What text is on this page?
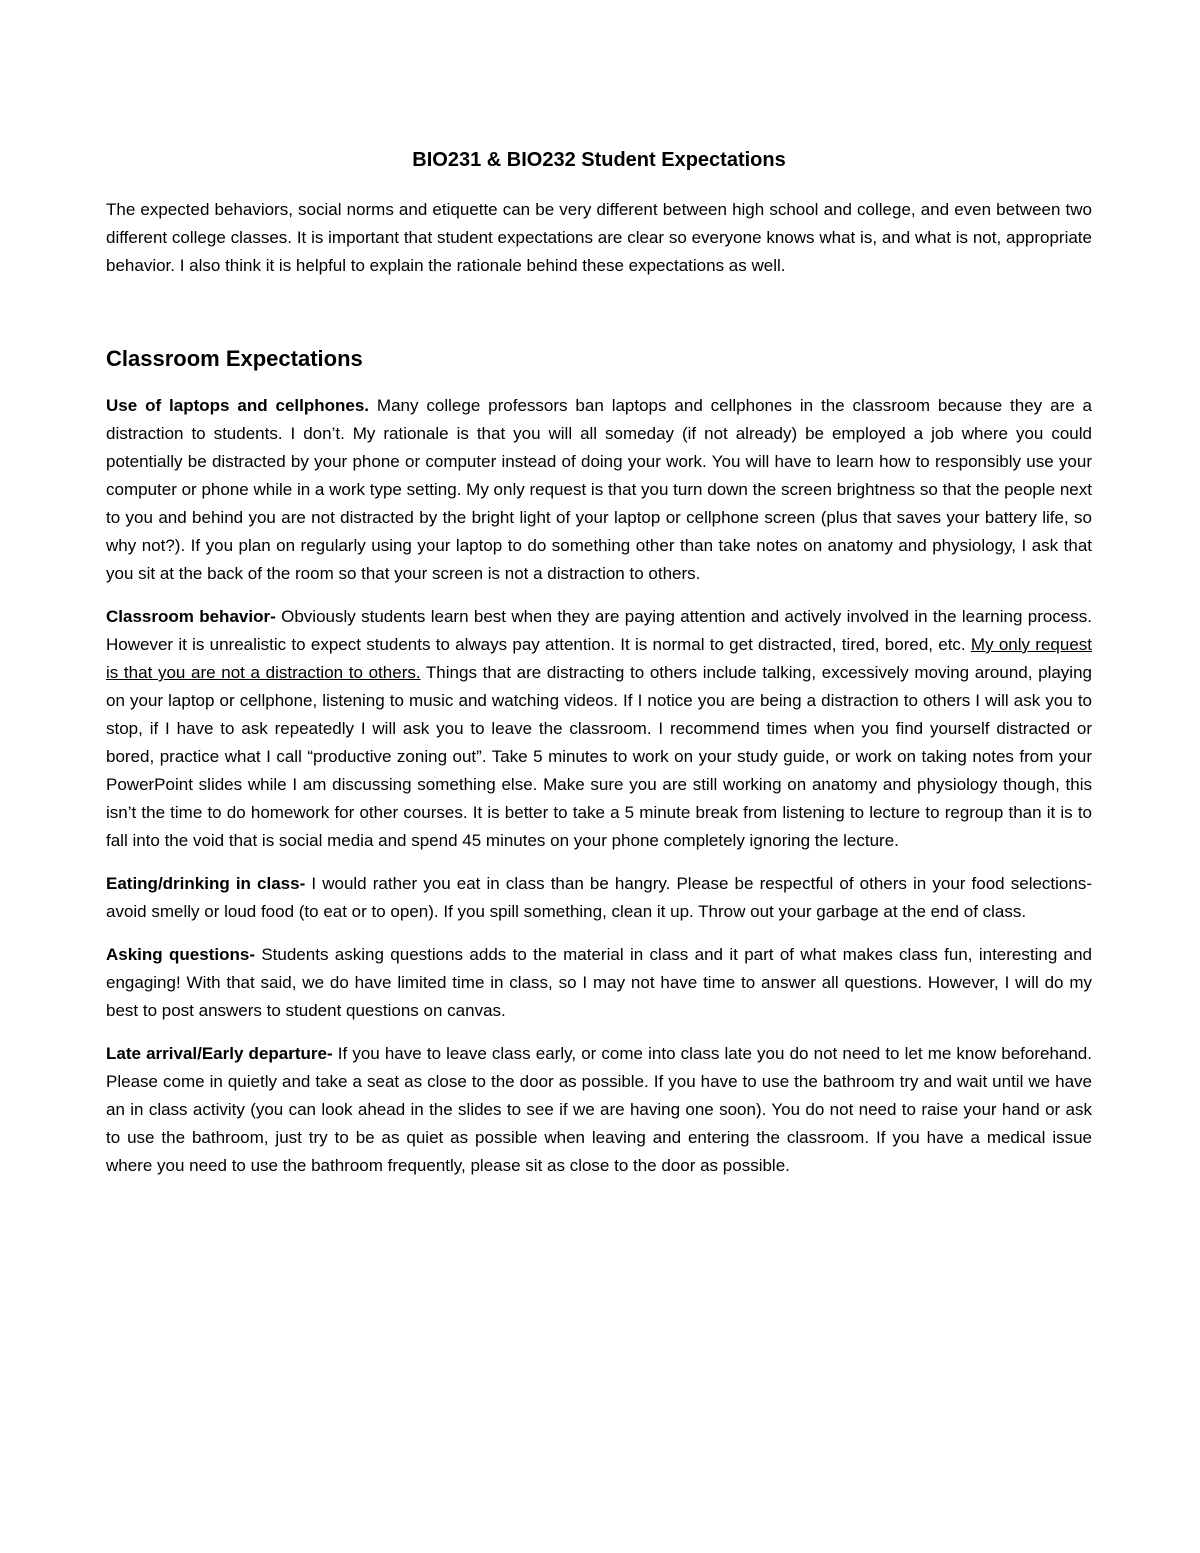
BIO231 & BIO232 Student Expectations

The expected behaviors, social norms and etiquette can be very different between high school and college, and even between two different college classes. It is important that student expectations are clear so everyone knows what is, and what is not, appropriate behavior. I also think it is helpful to explain the rationale behind these expectations as well.

Classroom Expectations

Use of laptops and cellphones. Many college professors ban laptops and cellphones in the classroom because they are a distraction to students. I don’t. My rationale is that you will all someday (if not already) be employed a job where you could potentially be distracted by your phone or computer instead of doing your work. You will have to learn how to responsibly use your computer or phone while in a work type setting. My only request is that you turn down the screen brightness so that the people next to you and behind you are not distracted by the bright light of your laptop or cellphone screen (plus that saves your battery life, so why not?). If you plan on regularly using your laptop to do something other than take notes on anatomy and physiology, I ask that you sit at the back of the room so that your screen is not a distraction to others.

Classroom behavior- Obviously students learn best when they are paying attention and actively involved in the learning process. However it is unrealistic to expect students to always pay attention. It is normal to get distracted, tired, bored, etc. My only request is that you are not a distraction to others. Things that are distracting to others include talking, excessively moving around, playing on your laptop or cellphone, listening to music and watching videos. If I notice you are being a distraction to others I will ask you to stop, if I have to ask repeatedly I will ask you to leave the classroom. I recommend times when you find yourself distracted or bored, practice what I call “productive zoning out”. Take 5 minutes to work on your study guide, or work on taking notes from your PowerPoint slides while I am discussing something else. Make sure you are still working on anatomy and physiology though, this isn’t the time to do homework for other courses. It is better to take a 5 minute break from listening to lecture to regroup than it is to fall into the void that is social media and spend 45 minutes on your phone completely ignoring the lecture.

Eating/drinking in class- I would rather you eat in class than be hangry. Please be respectful of others in your food selections- avoid smelly or loud food (to eat or to open). If you spill something, clean it up. Throw out your garbage at the end of class.

Asking questions- Students asking questions adds to the material in class and it part of what makes class fun, interesting and engaging! With that said, we do have limited time in class, so I may not have time to answer all questions. However, I will do my best to post answers to student questions on canvas.

Late arrival/Early departure- If you have to leave class early, or come into class late you do not need to let me know beforehand. Please come in quietly and take a seat as close to the door as possible. If you have to use the bathroom try and wait until we have an in class activity (you can look ahead in the slides to see if we are having one soon). You do not need to raise your hand or ask to use the bathroom, just try to be as quiet as possible when leaving and entering the classroom. If you have a medical issue where you need to use the bathroom frequently, please sit as close to the door as possible.
